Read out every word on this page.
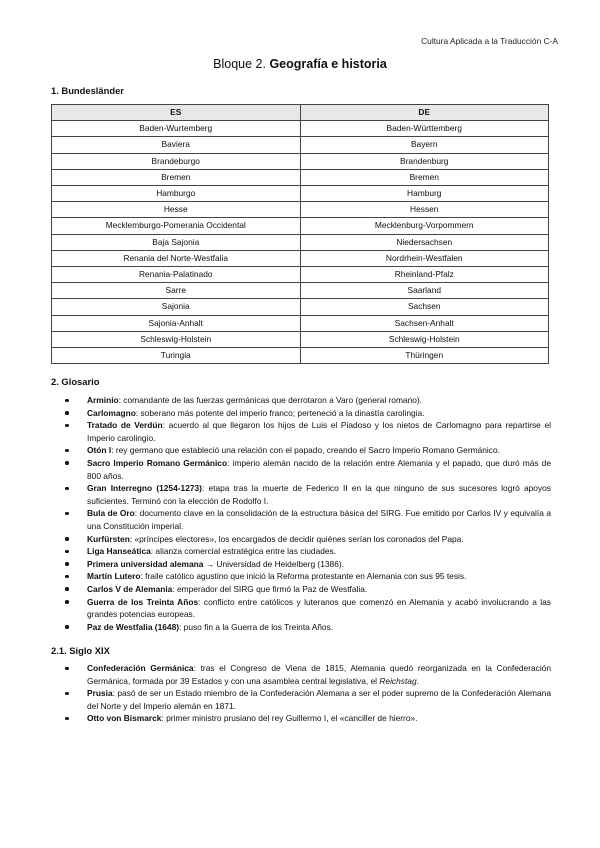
Cultura Aplicada a la Traducción C-A
Bloque 2. Geografía e historia
1. Bundesländer
ES	DE
Baden-Wurtemberg	Baden-Württemberg
Baviera	Bayern
Brandeburgo	Brandenburg
Bremen	Bremen
Hamburgo	Hamburg
Hesse	Hessen
Mecklemburgo-Pomerania Occidental	Mecklenburg-Vorpommern
Baja Sajonia	Niedersachsen
Renania del Norte-Westfalia	Nordrhein-Westfalen
Renania-Palatinado	Rheinland-Pfalz
Sarre	Saarland
Sajonia	Sachsen
Sajonia-Anhalt	Sachsen-Anhalt
Schleswig-Holstein	Schleswig-Holstein
Turingia	Thüringen
2. Glosario
Arminio: comandante de las fuerzas germánicas que derrotaron a Varo (general romano).
Carlomagno: soberano más potente del imperio franco; perteneció a la dinastía carolingia.
Tratado de Verdún: acuerdo al que llegaron los hijos de Luis el Piadoso y los nietos de Carlomagno para repartirse el Imperio carolingio.
Otón I: rey germano que estableció una relación con el papado, creando el Sacro Imperio Romano Germánico.
Sacro Imperio Romano Germánico: imperio alemán nacido de la relación entre Alemania y el papado, que duró más de 800 años.
Gran Interregno (1254-1273): etapa tras la muerte de Federico II en la que ninguno de sus sucesores logró apoyos suficientes. Terminó con la elección de Rodolfo I.
Bula de Oro: documento clave en la consolidación de la estructura básica del SIRG. Fue emitido por Carlos IV y equivalía a una Constitución imperial.
Kurfürsten: «príncipes electores», los encargados de decidir quiénes serían los coronados del Papa.
Liga Hanseática: alianza comercial estratégica entre las ciudades.
Primera universidad alemana → Universidad de Heidelberg (1386).
Martín Lutero: fraile católico agustino que inició la Reforma protestante en Alemania con sus 95 tesis.
Carlos V de Alemania: emperador del SIRG que firmó la Paz de Westfalia.
Guerra de los Treinta Años: conflicto entre católicos y luteranos que comenzó en Alemania y acabó involucrando a las grandes potencias europeas.
Paz de Westfalia (1648): puso fin a la Guerra de los Treinta Años.
2.1. Siglo XIX
Confederación Germánica: tras el Congreso de Viena de 1815, Alemania quedó reorganizada en la Confederación Germánica, formada por 39 Estados y con una asamblea central legislativa, el Reichstag.
Prusia: pasó de ser un Estado miembro de la Confederación Alemana a ser el poder supremo de la Confederación Alemana del Norte y del Imperio alemán en 1871.
Otto von Bismarck: primer ministro prusiano del rey Guillermo I, el «canciller de hierro».
